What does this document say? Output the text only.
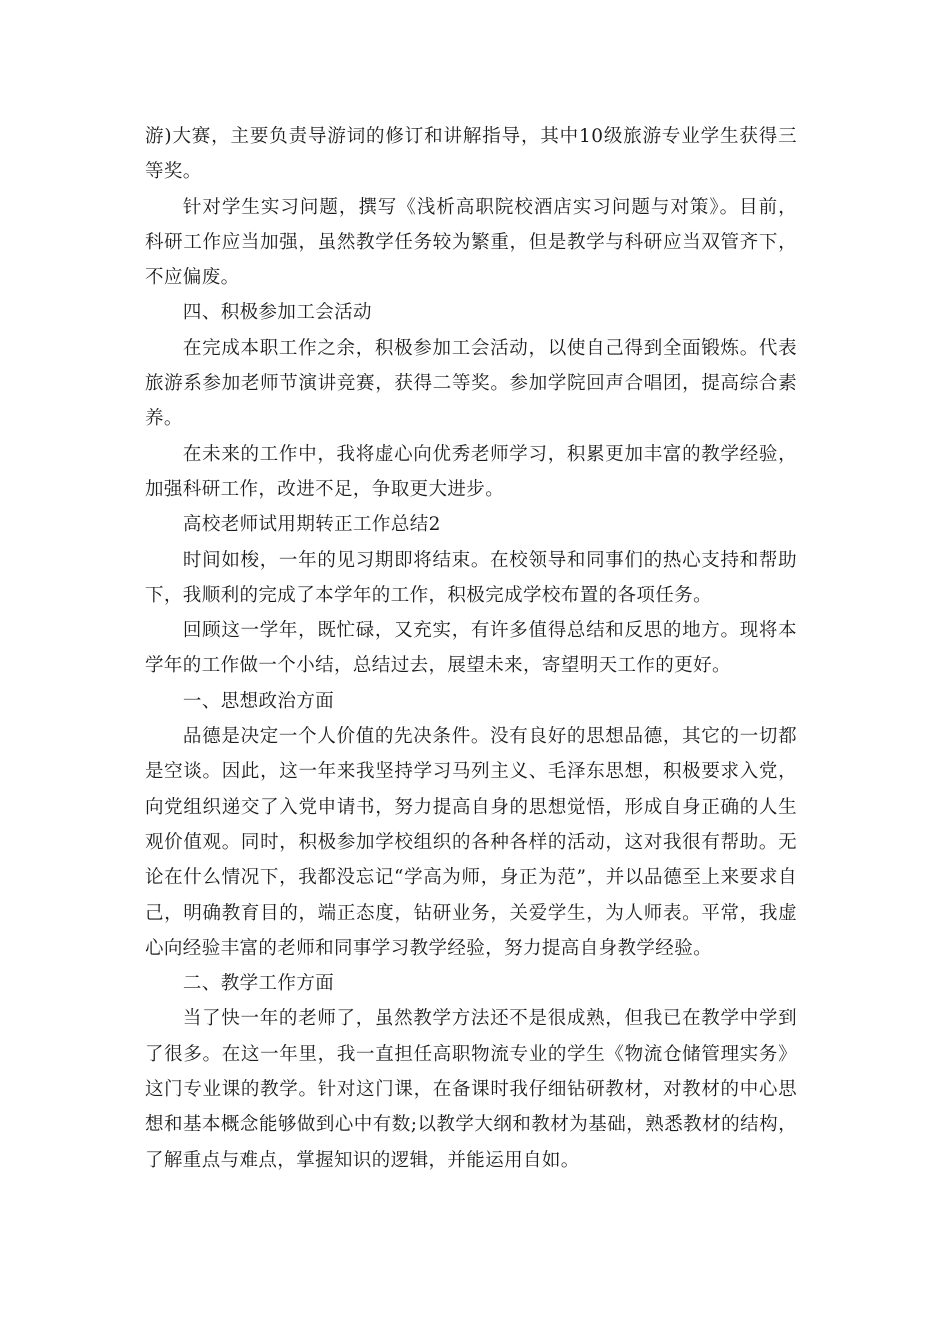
游)大赛，主要负责导游词的修订和讲解指导，其中10级旅游专业学生获得三等奖。

针对学生实习问题，撰写《浅析高职院校酒店实习问题与对策》。目前，科研工作应当加强，虽然教学任务较为繁重，但是教学与科研应当双管齐下，不应偏废。

四、积极参加工会活动

在完成本职工作之余，积极参加工会活动，以使自己得到全面锻炼。代表旅游系参加老师节演讲竞赛，获得二等奖。参加学院回声合唱团，提高综合素养。

在未来的工作中，我将虚心向优秀老师学习，积累更加丰富的教学经验，加强科研工作，改进不足，争取更大进步。

高校老师试用期转正工作总结2

时间如梭，一年的见习期即将结束。在校领导和同事们的热心支持和帮助下，我顺利的完成了本学年的工作，积极完成学校布置的各项任务。

回顾这一学年，既忙碌，又充实，有许多值得总结和反思的地方。现将本学年的工作做一个小结，总结过去，展望未来，寄望明天工作的更好。

一、思想政治方面

品德是决定一个人价值的先决条件。没有良好的思想品德，其它的一切都是空谈。因此，这一年来我坚持学习马列主义、毛泽东思想，积极要求入党，向党组织递交了入党申请书，努力提高自身的思想觉悟，形成自身正确的人生观价值观。同时，积极参加学校组织的各种各样的活动，这对我很有帮助。无论在什么情况下，我都没忘记“学高为师，身正为范”，并以品德至上来要求自己，明确教育目的，端正态度，钻研业务，关爱学生，为人师表。平常，我虚心向经验丰富的老师和同事学习教学经验，努力提高自身教学经验。

二、教学工作方面

当了快一年的老师了，虽然教学方法还不是很成熟，但我已在教学中学到了很多。在这一年里，我一直担任高职物流专业的学生《物流仓储管理实务》这门专业课的教学。针对这门课，在备课时我仔细钻研教材，对教材的中心思想和基本概念能够做到心中有数;以教学大纲和教材为基础，熟悉教材的结构，了解重点与难点，掌握知识的逻辑，并能运用自如。
